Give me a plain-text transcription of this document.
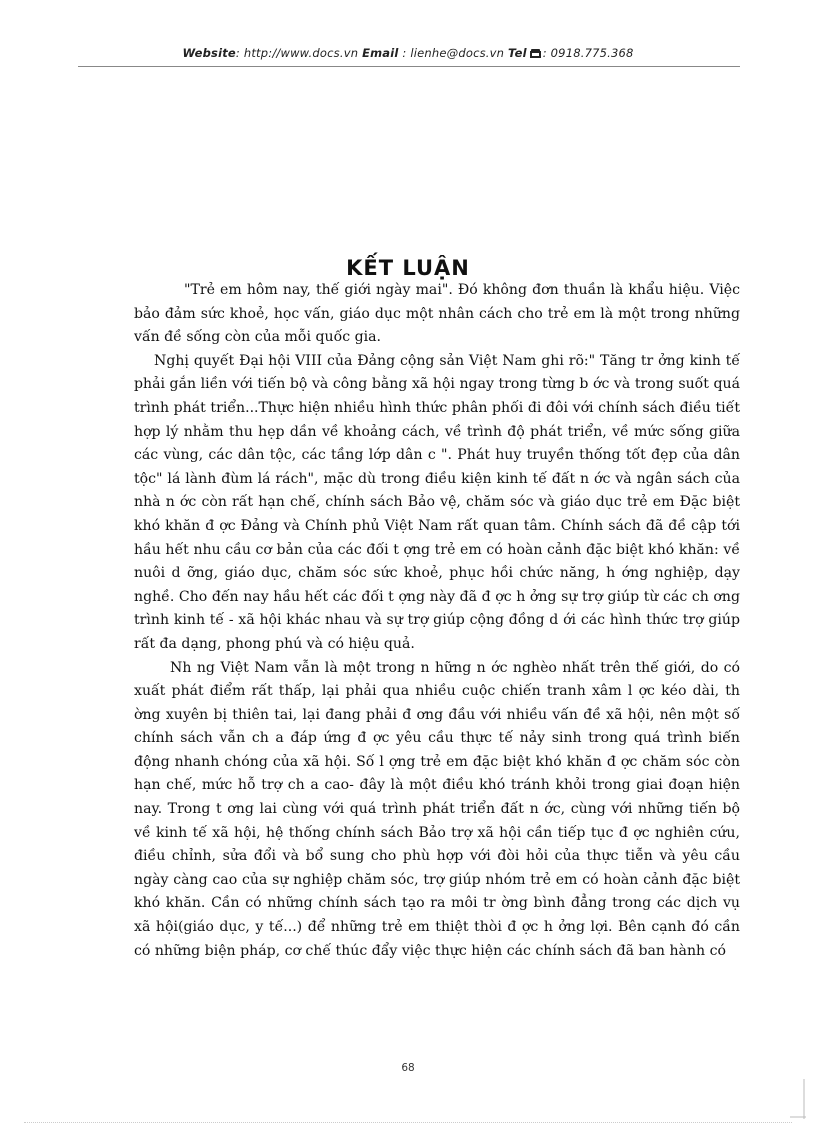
Website: http://www.docs.vn Email : lienhe@docs.vn Tel : 0918.775.368
KẾT LUẬN

"Trẻ em hôm nay, thế giới ngày mai". Đó không đơn thuần là khẩu hiệu. Việc bảo đảm sức khoẻ, học vấn, giáo dục một nhân cách cho trẻ em là một trong những vấn đề sống còn của mỗi quốc gia.

Nghị quyết Đại hội VIII của Đảng cộng sản Việt Nam ghi rõ:" Tăng tr ởng kinh tế phải gắn liền với tiến bộ và công bằng xã hội ngay trong từng b ớc và trong suốt quá trình phát triển...Thực hiện nhiều hình thức phân phối đi đôi với chính sách điều tiết hợp lý nhằm thu hẹp dần về khoảng cách, về trình độ phát triển, về mức sống giữa các vùng, các dân tộc, các tầng lớp dân c ". Phát huy truyền thống tốt đẹp của dân tộc" lá lành đùm lá rách", mặc dù trong điều kiện kinh tế đất n ớc và ngân sách của nhà n ớc còn rất hạn chế, chính sách Bảo vệ, chăm sóc và giáo dục trẻ em Đặc biệt khó khăn đ ợc Đảng và Chính phủ Việt Nam rất quan tâm. Chính sách đã đề cập tới hầu hết nhu cầu cơ bản của các đối t ợng trẻ em có hoàn cảnh đặc biệt khó khăn: về nuôi d ỡng, giáo dục, chăm sóc sức khoẻ, phục hồi chức năng, h ớng nghiệp, dạy nghề. Cho đến nay hầu hết các đối t ợng này đã đ ợc h ởng sự trợ giúp từ các ch ơng trình kinh tế - xã hội khác nhau và sự trợ giúp cộng đồng d ới các hình thức trợ giúp rất đa dạng, phong phú và có hiệu quả.

Nh ng Việt Nam vẫn là một trong n hững n ớc nghèo nhất trên thế giới, do có xuất phát điểm rất thấp, lại phải qua nhiều cuộc chiến tranh xâm l ợc kéo dài, th ờng xuyên bị thiên tai, lại đang phải đ ơng đầu với nhiều vấn đề xã hội, nên một số chính sách vẫn ch a đáp ứng đ ợc yêu cầu thực tế nảy sinh trong quá trình biến động nhanh chóng của xã hội. Số l ợng trẻ em đặc biệt khó khăn đ ợc chăm sóc còn hạn chế, mức hỗ trợ ch a cao- đây là một điều khó tránh khỏi trong giai đoạn hiện nay. Trong t ơng lai cùng với quá trình phát triển đất n ớc, cùng với những tiến bộ về kinh tế xã hội, hệ thống chính sách Bảo trợ xã hội cần tiếp tục đ ợc nghiên cứu, điều chỉnh, sửa đổi và bổ sung cho phù hợp với đòi hỏi của thực tiễn và yêu cầu ngày càng cao của sự nghiệp chăm sóc, trợ giúp nhóm trẻ em có hoàn cảnh đặc biệt khó khăn. Cần có những chính sách tạo ra môi tr ờng bình đẳng trong các dịch vụ xã hội(giáo dục, y tế...) để những trẻ em thiệt thòi đ ợc h ởng lợi. Bên cạnh đó cần có những biện pháp, cơ chế thúc đẩy việc thực hiện các chính sách đã ban hành có

68
